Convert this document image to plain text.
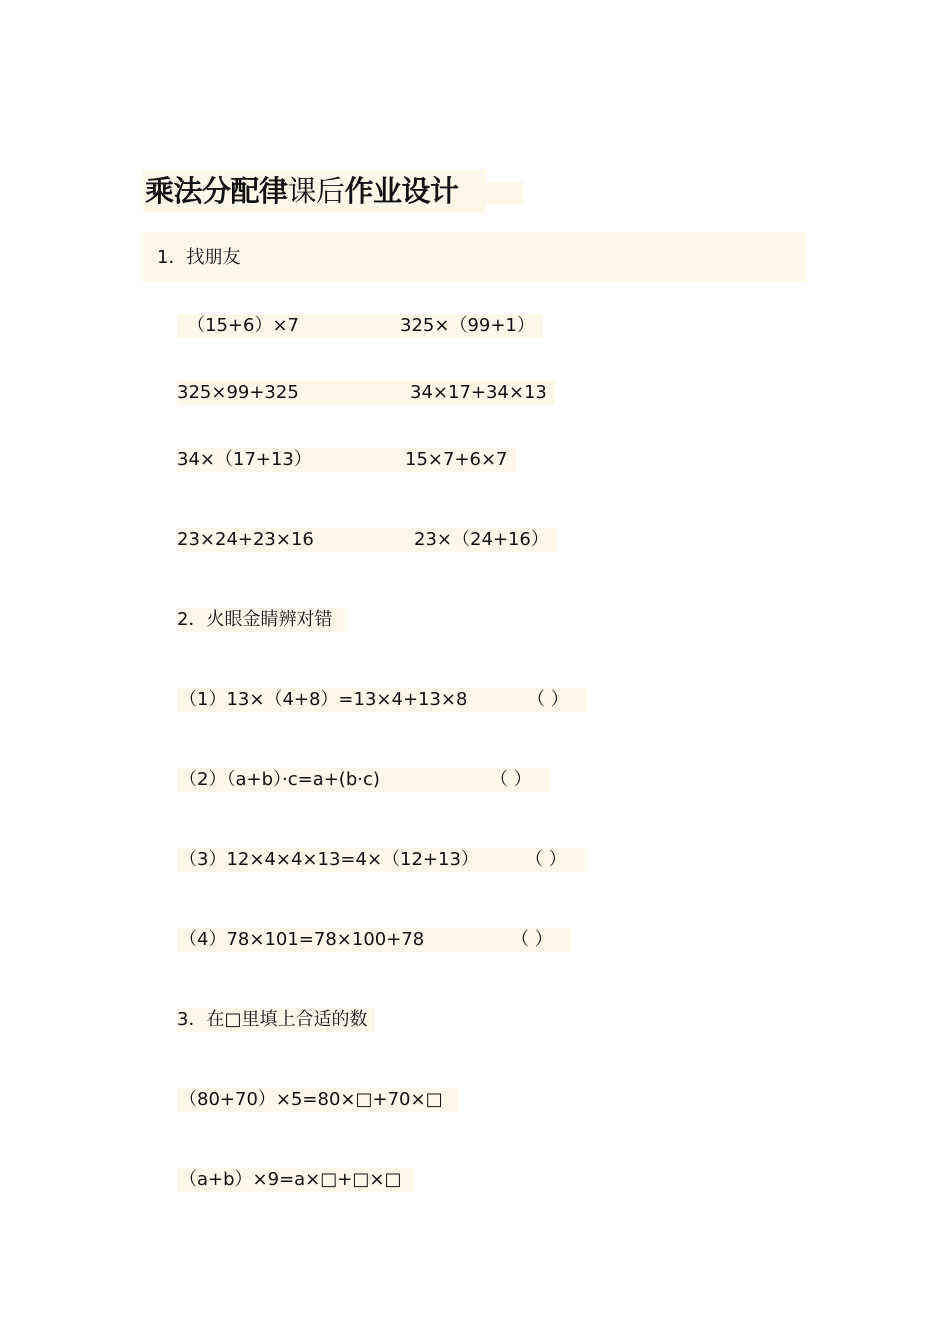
乘法分配律课后作业设计
1．找朋友
（15+6）×7	325×（99+1）
325×99+325	34×17+34×13
34×（17+13）	15×7+6×7
23×24+23×16	23×（24+16）
2．火眼金睛辨对错
（1）13×（4+8）=13×4+13×8	（ ）
（2）（a+b）·c=a+(b·c)	（ ）
（3）12×4×4×13=4×（12+13）	（ ）
（4）78×101=78×100+78	（ ）
3．在□里填上合适的数
（80+70）×5=80×□+70×□
（a+b）×9=a×□+□×□
